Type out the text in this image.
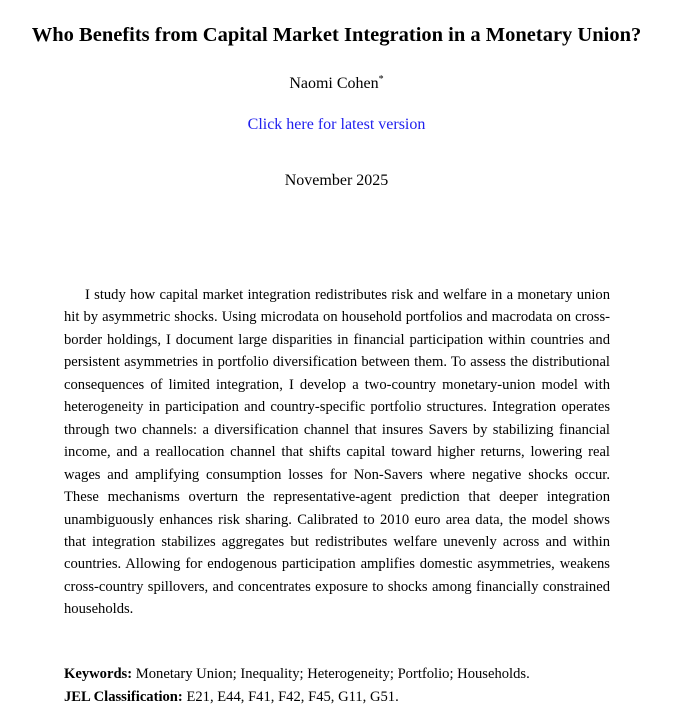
Who Benefits from Capital Market Integration in a Monetary Union?
Naomi Cohen*
Click here for latest version
November 2025

I study how capital market integration redistributes risk and welfare in a monetary union hit by asymmetric shocks. Using microdata on household portfolios and macrodata on cross-border holdings, I document large disparities in financial participation within countries and persistent asymmetries in portfolio diversification between them. To assess the distributional consequences of limited integration, I develop a two-country monetary-union model with heterogeneity in participation and country-specific portfolio structures. Integration operates through two channels: a diversification channel that insures Savers by stabilizing financial income, and a reallocation channel that shifts capital toward higher returns, lowering real wages and amplifying consumption losses for Non-Savers where negative shocks occur. These mechanisms overturn the representative-agent prediction that deeper integration unambiguously enhances risk sharing. Calibrated to 2010 euro area data, the model shows that integration stabilizes aggregates but redistributes welfare unevenly across and within countries. Allowing for endogenous participation amplifies domestic asymmetries, weakens cross-country spillovers, and concentrates exposure to shocks among financially constrained households.

Keywords: Monetary Union; Inequality; Heterogeneity; Portfolio; Households.
JEL Classification: E21, E44, F41, F42, F45, G11, G51.
